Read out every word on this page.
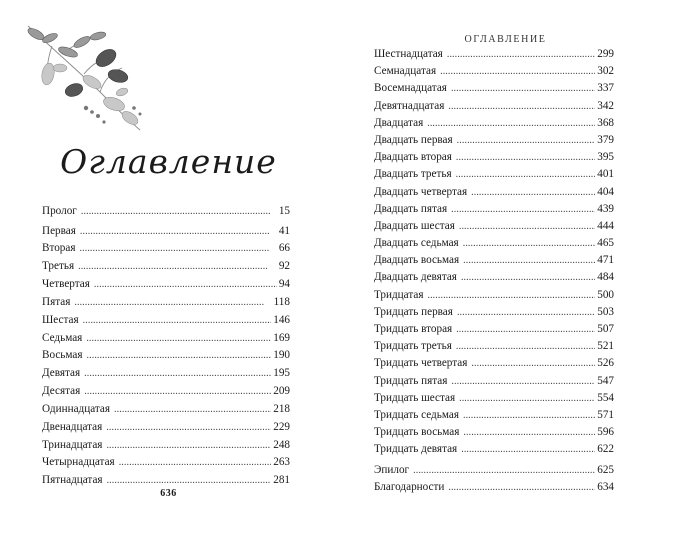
Оглавление
Пролог . . .	15
Первая . . .	41
Вторая . . .	66
Третья . . .	92
Четвертая . . .	94
Пятая . . .	118
Шестая . . .	146
Седьмая . . .	169
Восьмая . . .	190
Девятая . . .	195
Десятая . . .	209
Одиннадцатая . . .	218
Двенадцатая . . .	229
Тринадцатая . . .	248
Четырнадцатая . . .	263
Пятнадцатая . . .	281
636
ОГЛАВЛЕНИЕ
Шестнадцатая . . .	299
Семнадцатая . . .	302
Восемнадцатая . . .	337
Девятнадцатая . . .	342
Двадцатая . . .	368
Двадцать первая . . .	379
Двадцать вторая . . .	395
Двадцать третья . . .	401
Двадцать четвертая . . .	404
Двадцать пятая . . .	439
Двадцать шестая . . .	444
Двадцать седьмая . . .	465
Двадцать восьмая . . .	471
Двадцать девятая . . .	484
Тридцатая . . .	500
Тридцать первая . . .	503
Тридцать вторая . . .	507
Тридцать третья . . .	521
Тридцать четвертая . . .	526
Тридцать пятая . . .	547
Тридцать шестая . . .	554
Тридцать седьмая . . .	571
Тридцать восьмая . . .	596
Тридцать девятая . . .	622
Эпилог . . .	625
Благодарности . . .	634
